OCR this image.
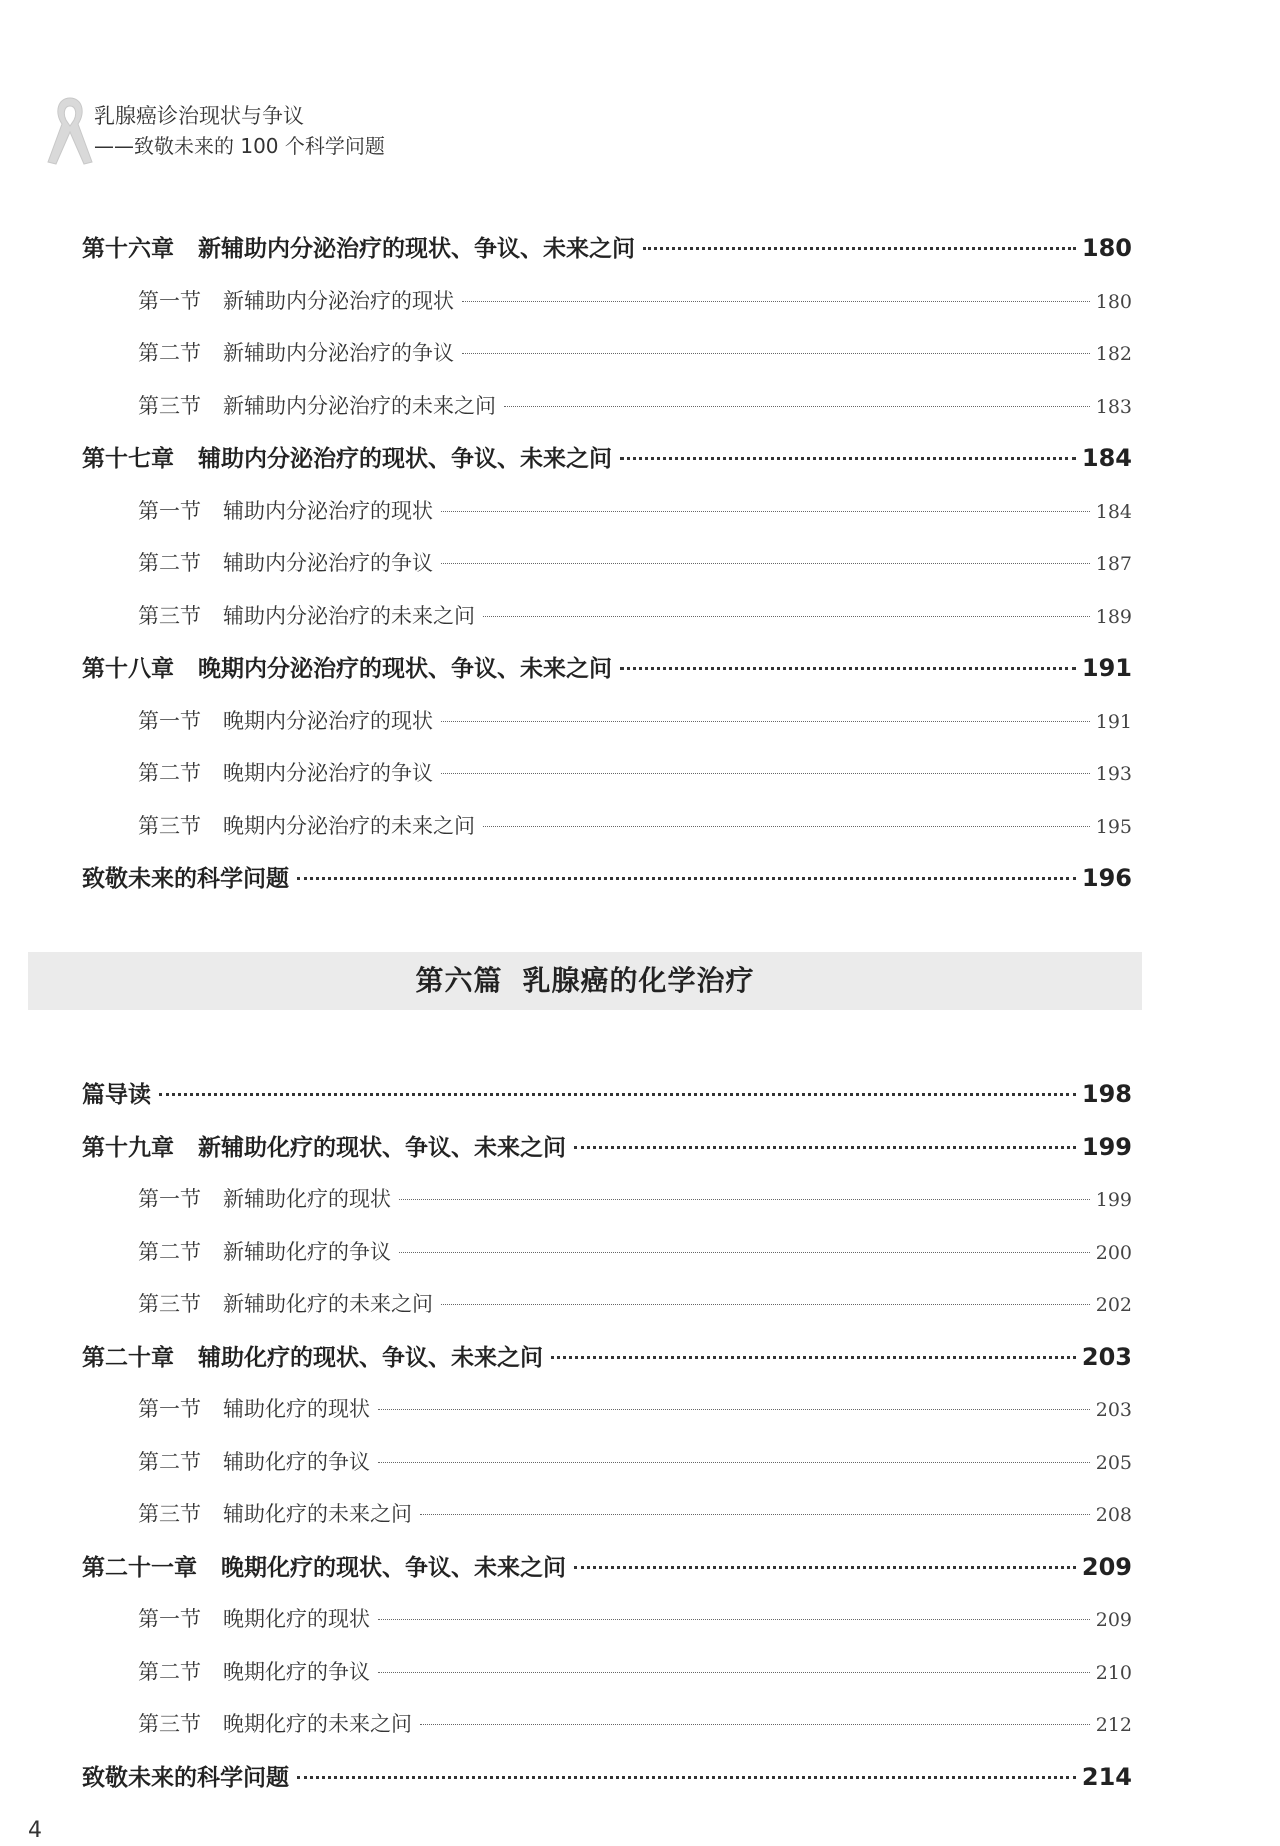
乳腺癌诊治现状与争议
——致敬未来的 100 个科学问题
第十六章 新辅助内分泌治疗的现状、争议、未来之问	180
第一节 新辅助内分泌治疗的现状	180
第二节 新辅助内分泌治疗的争议	182
第三节 新辅助内分泌治疗的未来之问	183
第十七章 辅助内分泌治疗的现状、争议、未来之问	184
第一节 辅助内分泌治疗的现状	184
第二节 辅助内分泌治疗的争议	187
第三节 辅助内分泌治疗的未来之问	189
第十八章 晚期内分泌治疗的现状、争议、未来之问	191
第一节 晚期内分泌治疗的现状	191
第二节 晚期内分泌治疗的争议	193
第三节 晚期内分泌治疗的未来之问	195
致敬未来的科学问题	196
第六篇 乳腺癌的化学治疗
篇导读	198
第十九章 新辅助化疗的现状、争议、未来之问	199
第一节 新辅助化疗的现状	199
第二节 新辅助化疗的争议	200
第三节 新辅助化疗的未来之问	202
第二十章 辅助化疗的现状、争议、未来之问	203
第一节 辅助化疗的现状	203
第二节 辅助化疗的争议	205
第三节 辅助化疗的未来之问	208
第二十一章 晚期化疗的现状、争议、未来之问	209
第一节 晚期化疗的现状	209
第二节 晚期化疗的争议	210
第三节 晚期化疗的未来之问	212
致敬未来的科学问题	214
4
